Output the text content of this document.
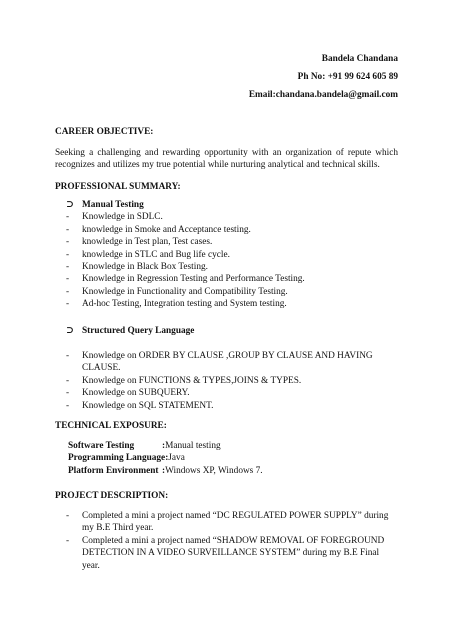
Bandela Chandana
Ph No: +91 99 624 605 89
Email:chandana.bandela@gmail.com
CAREER OBJECTIVE:
Seeking a challenging and rewarding opportunity with an organization of repute which recognizes and utilizes my true potential while nurturing analytical and technical skills.
PROFESSIONAL SUMMARY:
⊃ Manual Testing
- Knowledge in SDLC.
- knowledge in Smoke and Acceptance testing.
- knowledge in Test plan, Test cases.
- knowledge in STLC and Bug life cycle.
- Knowledge in Black Box Testing.
- Knowledge in Regression Testing and Performance Testing.
- Knowledge in Functionality and Compatibility Testing.
- Ad-hoc Testing, Integration testing and System testing.
⊃ Structured Query Language
- Knowledge on ORDER BY CLAUSE ,GROUP BY CLAUSE AND HAVING CLAUSE.
- Knowledge on FUNCTIONS & TYPES,JOINS & TYPES.
- Knowledge on SUBQUERY.
- Knowledge on SQL STATEMENT.
TECHNICAL EXPOSURE:
Software Testing	: Manual testing
Programming Language : Java
Platform Environment : Windows XP, Windows 7.
PROJECT DESCRIPTION:
- Completed a mini a project named “DC REGULATED POWER SUPPLY” during my B.E Third year.
- Completed a mini a project named “SHADOW REMOVAL OF FOREGROUND DETECTION IN A VIDEO SURVEILLANCE SYSTEM” during my B.E Final year.
